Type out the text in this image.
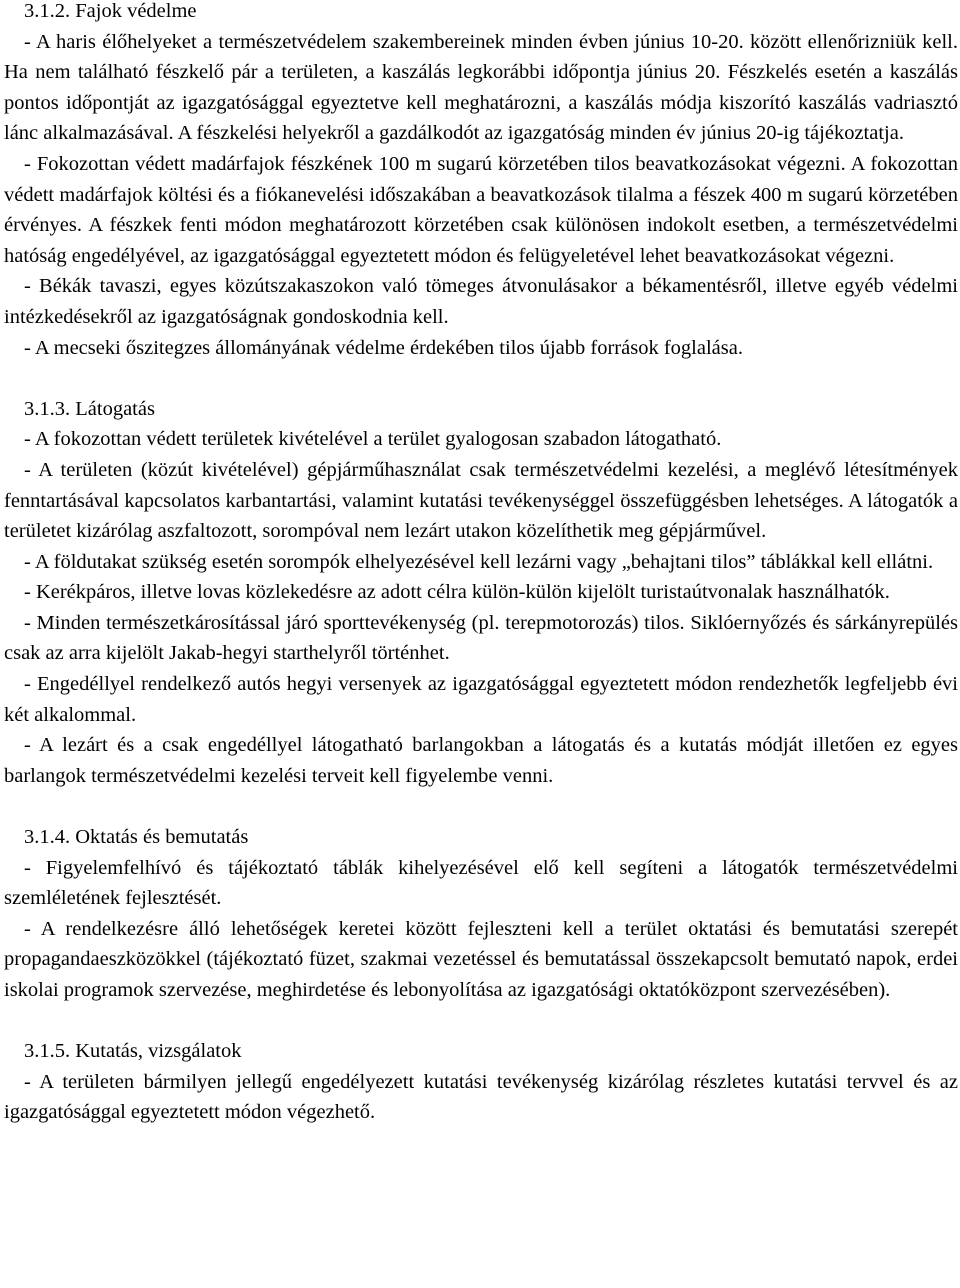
3.1.2. Fajok védelme

- A haris élőhelyeket a természetvédelem szakembereinek minden évben június 10-20. között ellenőrizniük kell. Ha nem található fészkelő pár a területen, a kaszálás legkorábbi időpontja június 20. Fészkelés esetén a kaszálás pontos időpontját az igazgatósággal egyeztetve kell meghatározni, a kaszálás módja kiszorító kaszálás vadriasztó lánc alkalmazásával. A fészkelési helyekről a gazdálkodót az igazgatóság minden év június 20-ig tájékoztatja.

- Fokozottan védett madárfajok fészkének 100 m sugarú körzetében tilos beavatkozásokat végezni. A fokozottan védett madárfajok költési és a fiókanevelési időszakában a beavatkozások tilalma a fészek 400 m sugarú körzetében érvényes. A fészkek fenti módon meghatározott körzetében csak különösen indokolt esetben, a természetvédelmi hatóság engedélyével, az igazgatósággal egyeztetett módon és felügyeletével lehet beavatkozásokat végezni.

- Békák tavaszi, egyes közútszakaszokon való tömeges átvonulásakor a békamentésről, illetve egyéb védelmi intézkedésekről az igazgatóságnak gondoskodnia kell.

- A mecseki őszitegzes állományának védelme érdekében tilos újabb források foglalása.

3.1.3. Látogatás

- A fokozottan védett területek kivételével a terület gyalogosan szabadon látogatható.

- A területen (közút kivételével) gépjárműhasználat csak természetvédelmi kezelési, a meglévő létesítmények fenntartásával kapcsolatos karbantartási, valamint kutatási tevékenységgel összefüggésben lehetséges. A látogatók a területet kizárólag aszfaltozott, sorompóval nem lezárt utakon közelíthetik meg gépjárművel.

- A földutakat szükség esetén sorompók elhelyezésével kell lezárni vagy „behajtani tilos” táblákkal kell ellátni.

- Kerékpáros, illetve lovas közlekedésre az adott célra külön-külön kijelölt turistaútvonalak használhatók.

- Minden természetkárosítással járó sporttevékenység (pl. terepmotorozás) tilos. Siklóernyőzés és sárkányrepülés csak az arra kijelölt Jakab-hegyi starthelyről történhet.

- Engedéllyel rendelkező autós hegyi versenyek az igazgatósággal egyeztetett módon rendezhetők legfeljebb évi két alkalommal.

- A lezárt és a csak engedéllyel látogatható barlangokban a látogatás és a kutatás módját illetően ez egyes barlangok természetvédelmi kezelési terveit kell figyelembe venni.

3.1.4. Oktatás és bemutatás

- Figyelemfelhívó és tájékoztató táblák kihelyezésével elő kell segíteni a látogatók természetvédelmi szemléletének fejlesztését.

- A rendelkezésre álló lehetőségek keretei között fejleszteni kell a terület oktatási és bemutatási szerepét propagandaeszközökkel (tájékoztató füzet, szakmai vezetéssel és bemutatással összekapcsolt bemutató napok, erdei iskolai programok szervezése, meghirdetése és lebonyolítása az igazgatósági oktatóközpont szervezésében).

3.1.5. Kutatás, vizsgálatok

- A területen bármilyen jellegű engedélyezett kutatási tevékenység kizárólag részletes kutatási tervvel és az igazgatósággal egyeztetett módon végezhető.
